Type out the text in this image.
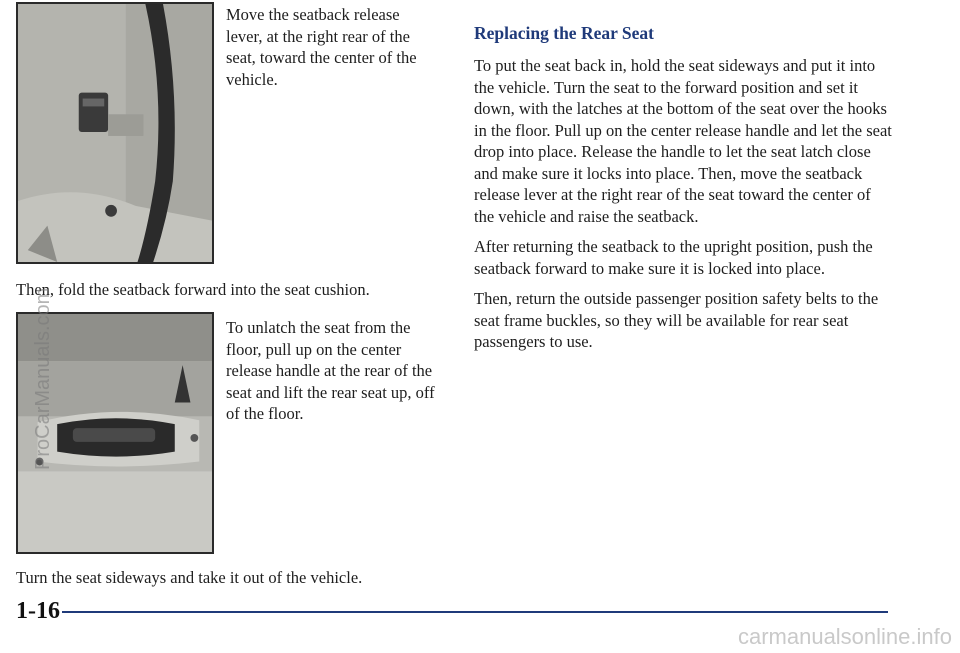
Move the seatback release lever, at the right rear of the seat, toward the center of the vehicle.

Then, fold the seatback forward into the seat cushion.

To unlatch the seat from the floor, pull up on the center release handle at the rear of the seat and lift the rear seat up, off of the floor.

Turn the seat sideways and take it out of the vehicle.

Replacing the Rear Seat

To put the seat back in, hold the seat sideways and put it into the vehicle. Turn the seat to the forward position and set it down, with the latches at the bottom of the seat over the hooks in the floor. Pull up on the center release handle and let the seat drop into place. Release the handle to let the seat latch close and make sure it locks into place. Then, move the seatback release lever at the right rear of the seat toward the center of the vehicle and raise the seatback.

After returning the seatback to the upright position, push the seatback forward to make sure it is locked into place.

Then, return the outside passenger position safety belts to the seat frame buckles, so they will be available for rear seat passengers to use.

1-16

ProCarManuals.com
carmanualsonline.info
